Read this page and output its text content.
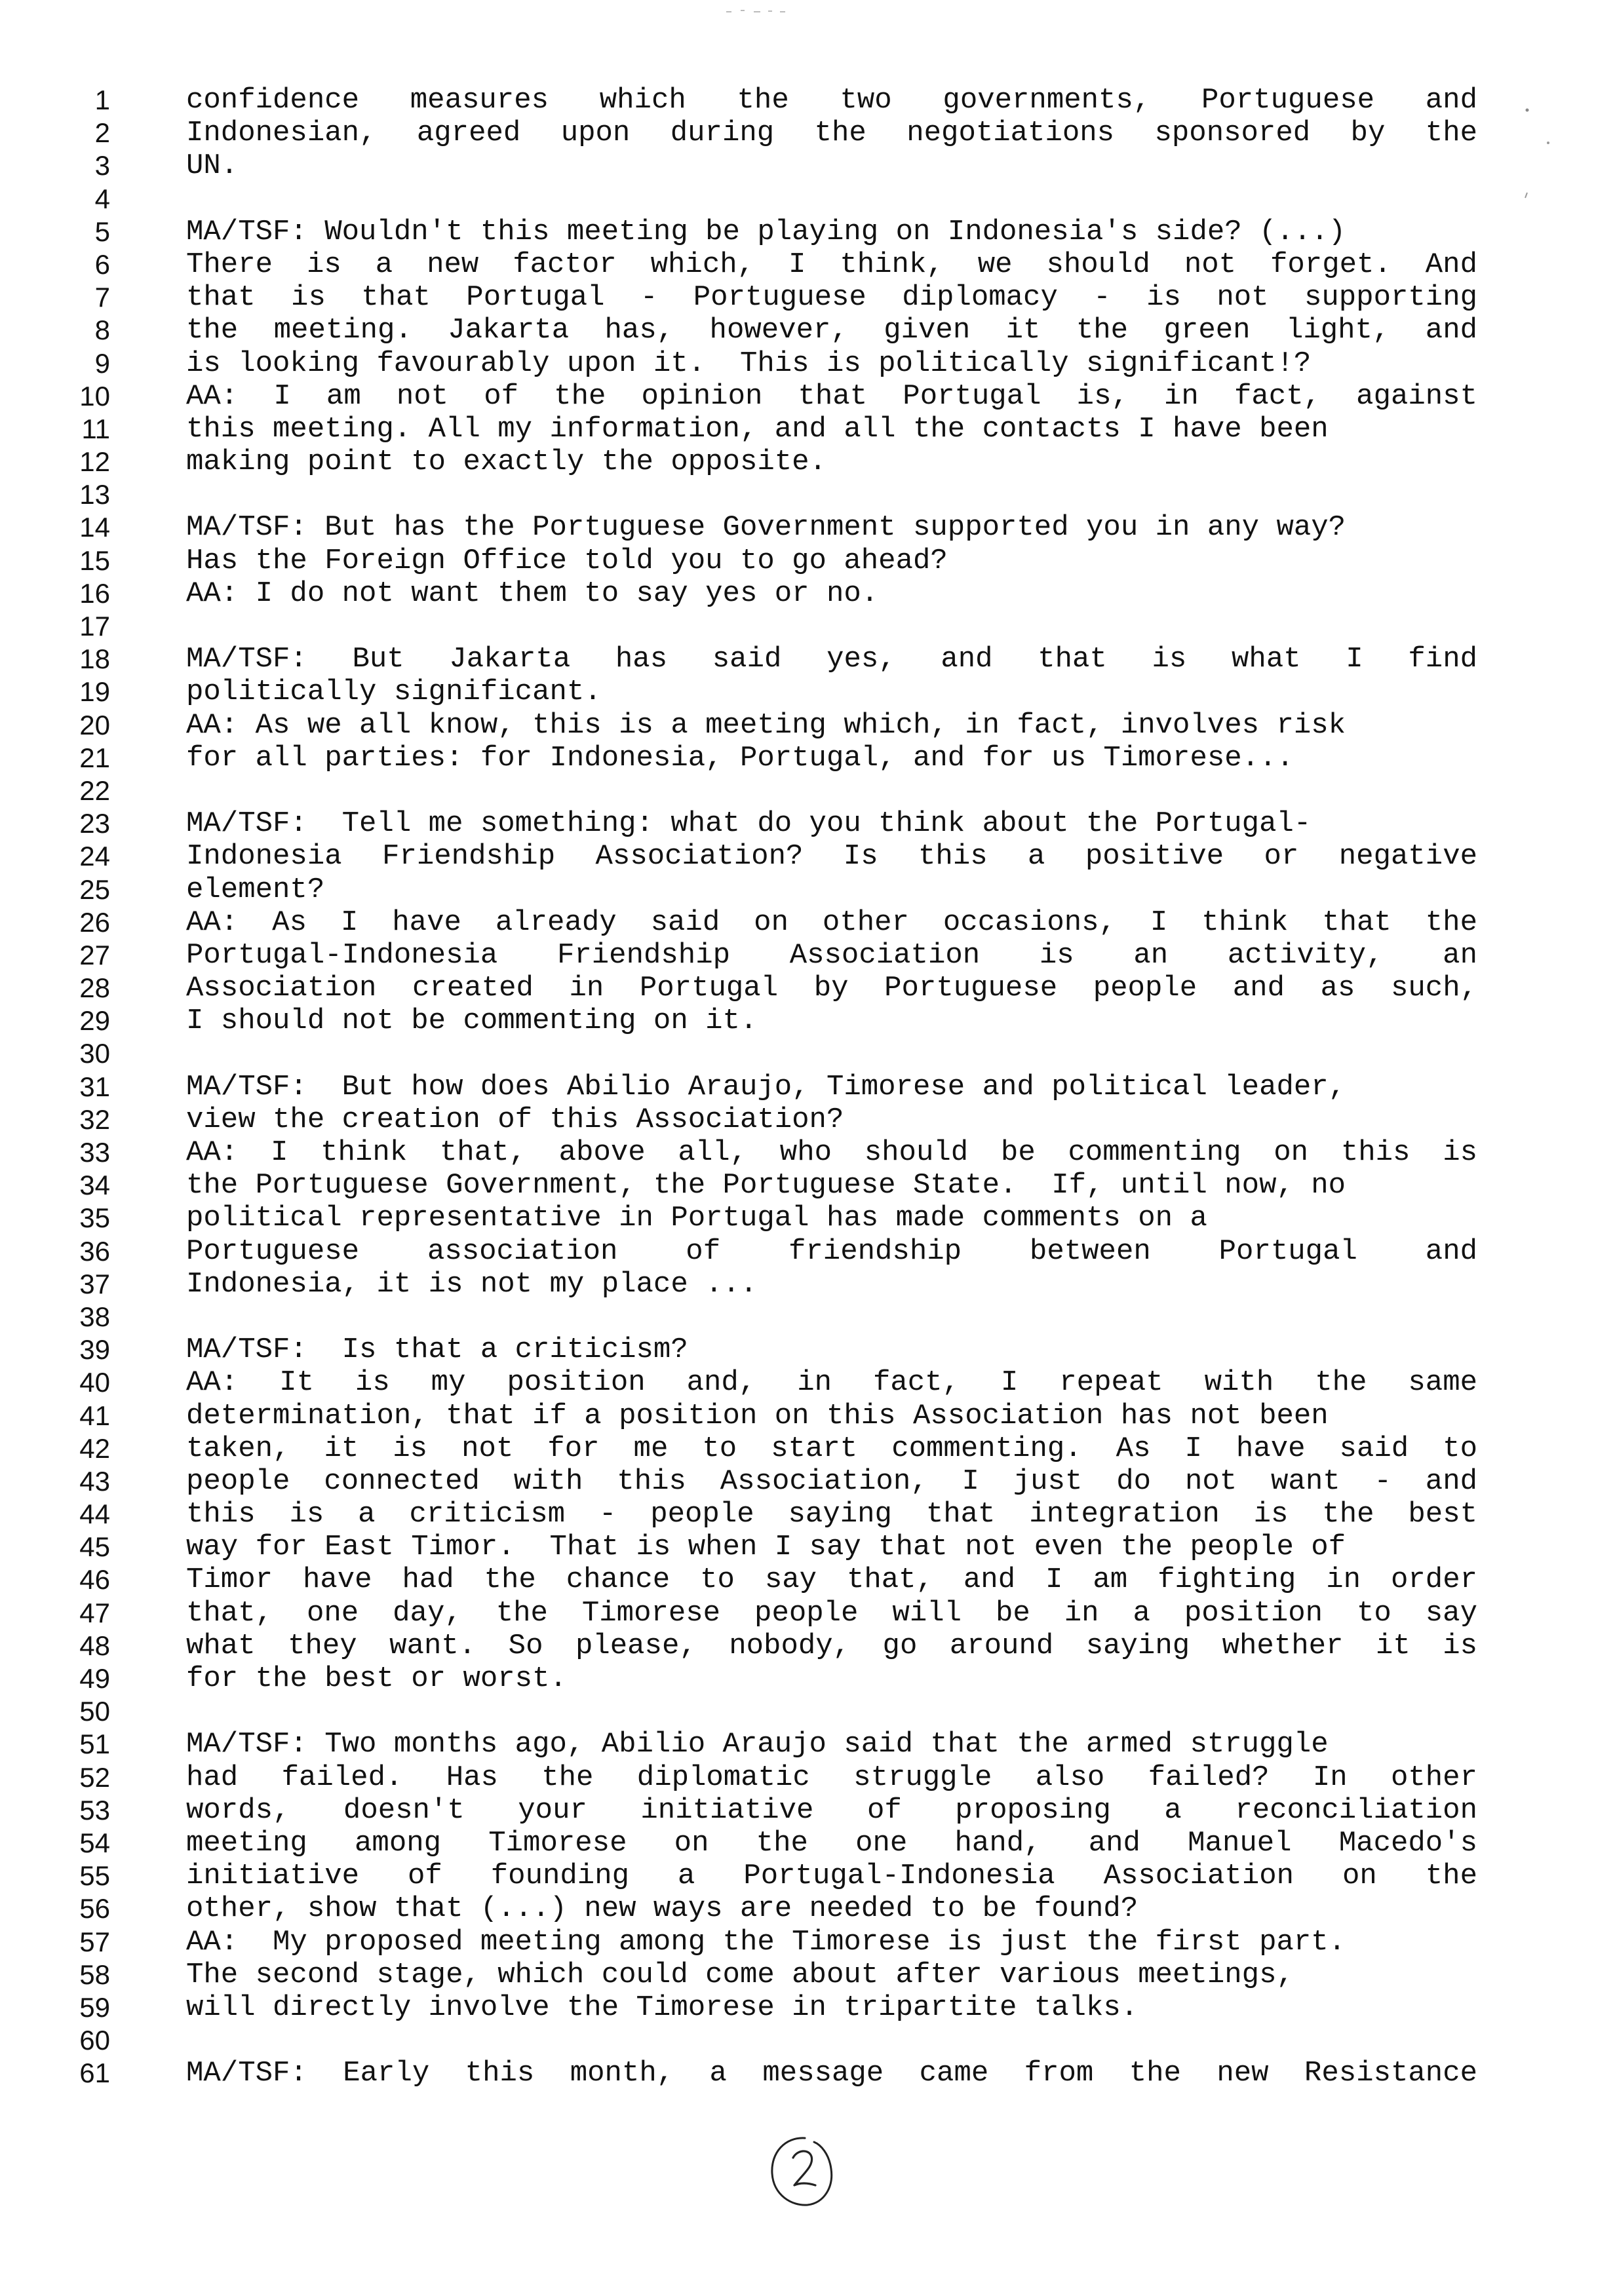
1	confidence measures which the two governments, Portuguese and
2	Indonesian, agreed upon during the negotiations sponsored by the
3	UN.
4
5	MA/TSF: Wouldn't this meeting be playing on Indonesia's side? (...)
6	There is a new factor which, I think, we should not forget. And
7	that is that Portugal - Portuguese diplomacy - is not supporting
8	the meeting. Jakarta has, however, given it the green light, and
9	is looking favourably upon it.  This is politically significant!?
10	AA: I am not of the opinion that Portugal is, in fact, against
11	this meeting. All my information, and all the contacts I have been
12	making point to exactly the opposite.
13
14	MA/TSF: But has the Portuguese Government supported you in any way?
15	Has the Foreign Office told you to go ahead?
16	AA: I do not want them to say yes or no.
17
18	MA/TSF: But Jakarta has said yes, and that is what I find
19	politically significant.
20	AA: As we all know, this is a meeting which, in fact, involves risk
21	for all parties: for Indonesia, Portugal, and for us Timorese...
22
23	MA/TSF:  Tell me something: what do you think about the Portugal-
24	Indonesia Friendship Association? Is this a positive or negative
25	element?
26	AA: As I have already said on other occasions, I think that the
27	Portugal-Indonesia Friendship Association is an activity, an
28	Association created in Portugal by Portuguese people and as such,
29	I should not be commenting on it.
30
31	MA/TSF:  But how does Abilio Araujo, Timorese and political leader,
32	view the creation of this Association?
33	AA: I think that, above all, who should be commenting on this is
34	the Portuguese Government, the Portuguese State.  If, until now, no
35	political representative in Portugal has made comments on a
36	Portuguese association of friendship between Portugal and
37	Indonesia, it is not my place ...
38
39	MA/TSF:  Is that a criticism?
40	AA: It is my position and, in fact, I repeat with the same
41	determination, that if a position on this Association has not been
42	taken, it is not for me to start commenting. As I have said to
43	people connected with this Association, I just do not want - and
44	this is a criticism - people saying that integration is the best
45	way for East Timor.  That is when I say that not even the people of
46	Timor have had the chance to say that, and I am fighting in order
47	that, one day, the Timorese people will be in a position to say
48	what they want. So please, nobody, go around saying whether it is
49	for the best or worst.
50
51	MA/TSF: Two months ago, Abilio Araujo said that the armed struggle
52	had failed. Has the diplomatic struggle also failed? In other
53	words, doesn't your initiative of proposing a reconciliation
54	meeting among Timorese on the one hand, and Manuel Macedo's
55	initiative of founding a Portugal-Indonesia Association on the
56	other, show that (...) new ways are needed to be found?
57	AA:  My proposed meeting among the Timorese is just the first part.
58	The second stage, which could come about after various meetings,
59	will directly involve the Timorese in tripartite talks.
60
61	MA/TSF: Early this month, a message came from the new Resistance
